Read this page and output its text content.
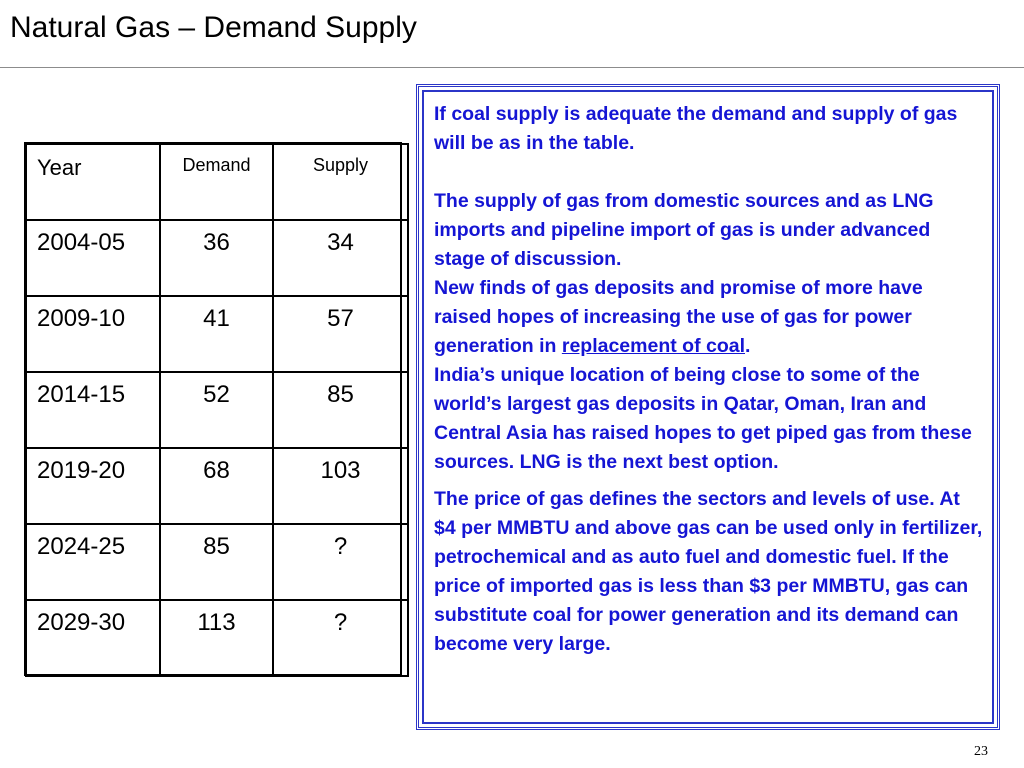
Natural Gas – Demand Supply
Year	Demand	Supply
2004-05	36	34
2009-10	41	57
2014-15	52	85
2019-20	68	103
2024-25	85	?
2029-30	113	?

If coal supply is adequate the demand and supply of gas will be as in the table.

The supply of gas from domestic sources and as LNG imports and pipeline import of gas is under advanced stage of discussion.

New finds of gas deposits and promise of more have raised hopes of increasing the use of gas for power generation in replacement of coal.

India’s unique location of being close to some of the world’s largest gas deposits in Qatar, Oman, Iran and Central Asia has raised hopes to get piped gas from these sources. LNG is the next best option.

The price of gas defines the sectors and levels of use. At $4 per MMBTU and above gas can be used only in fertilizer, petrochemical and as auto fuel and domestic fuel. If the price of imported gas is less than $3 per MMBTU, gas can substitute coal for power generation and its demand can become very large.

23
